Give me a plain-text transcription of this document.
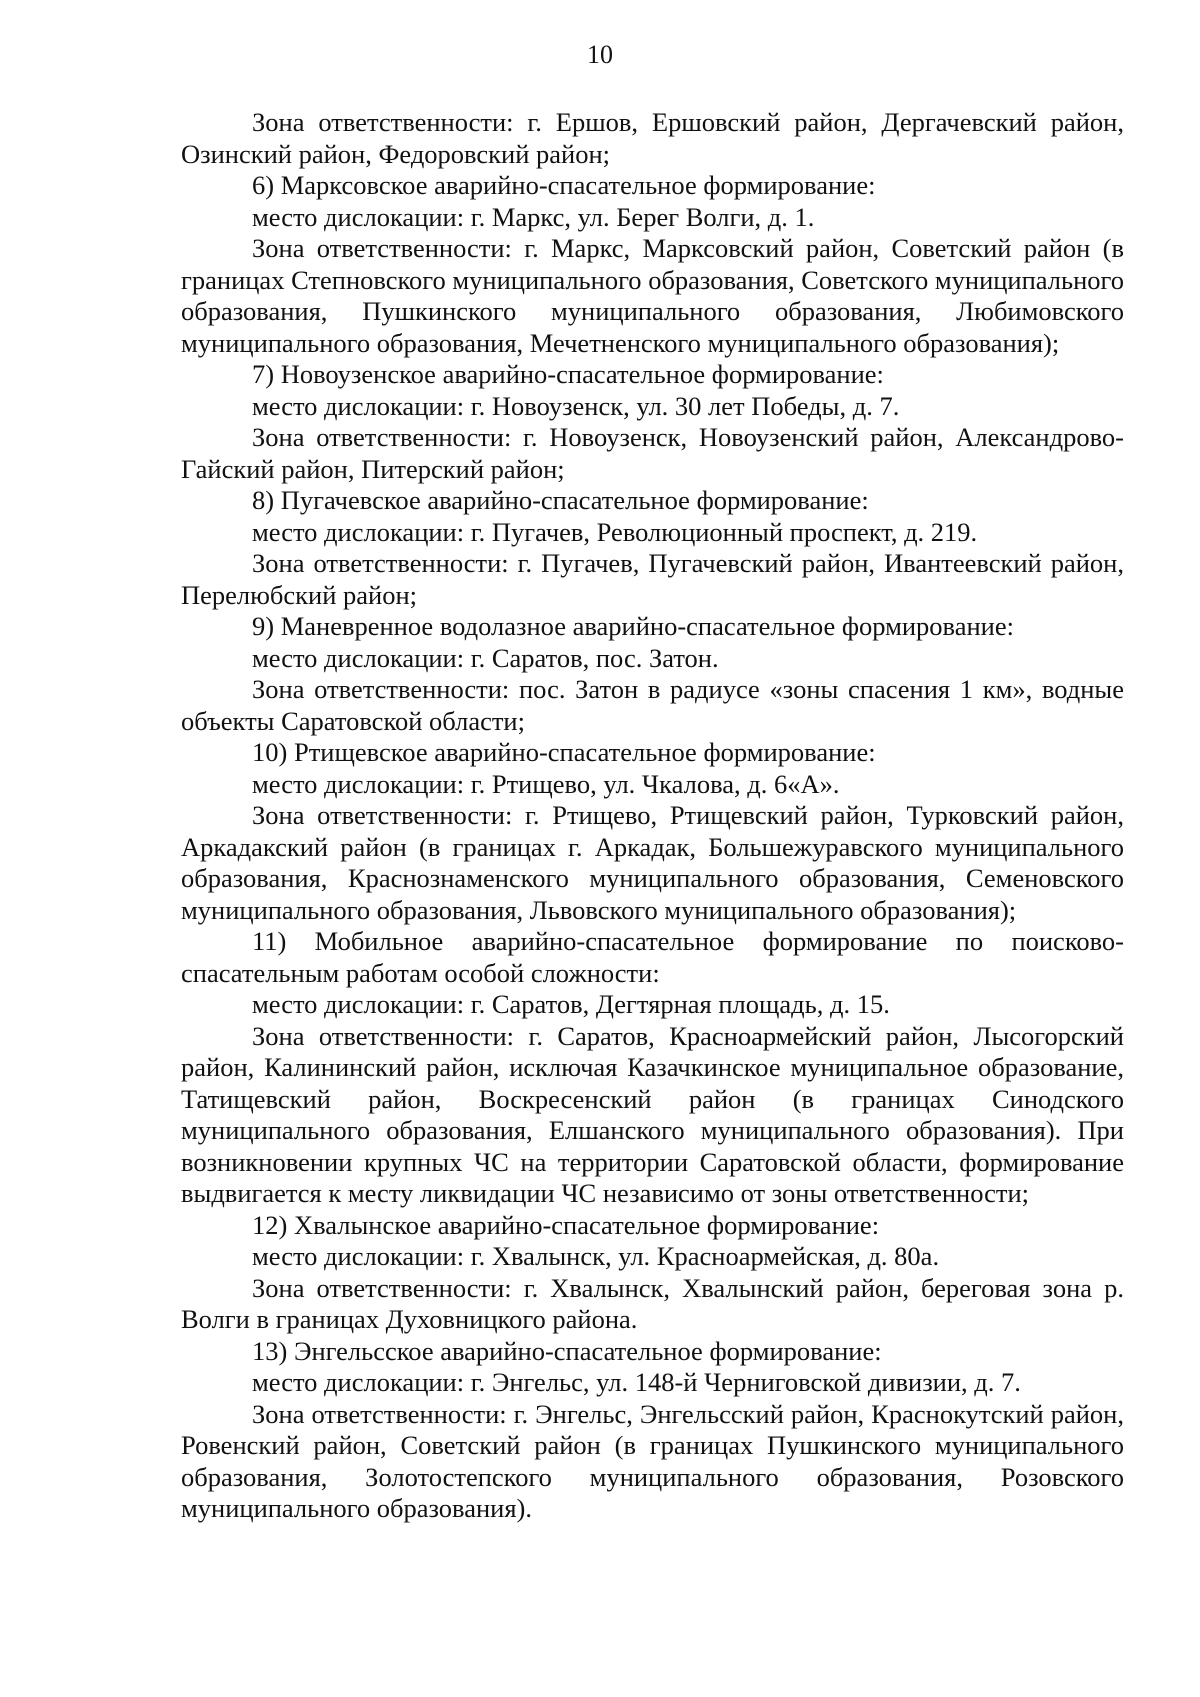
10

Зона ответственности: г. Ершов, Ершовский район, Дергачевский район, Озинский район, Федоровский район;

6) Марксовское аварийно-спасательное формирование:

место дислокации: г. Маркс, ул. Берег Волги, д. 1.

Зона ответственности: г. Маркс, Марксовский район, Советский район (в границах Степновского муниципального образования, Советского муниципального образования, Пушкинского муниципального образования, Любимовского муниципального образования, Мечетненского муниципального образования);

7) Новоузенское аварийно-спасательное формирование:

место дислокации: г. Новоузенск, ул. 30 лет Победы, д. 7.

Зона ответственности: г. Новоузенск, Новоузенский район, Александрово-Гайский район, Питерский район;

8) Пугачевское аварийно-спасательное формирование:

место дислокации: г. Пугачев, Революционный проспект, д. 219.

Зона ответственности: г. Пугачев, Пугачевский район, Ивантеевский район, Перелюбский район;

9) Маневренное водолазное аварийно-спасательное формирование:

место дислокации: г. Саратов, пос. Затон.

Зона ответственности: пос. Затон в радиусе «зоны спасения 1 км», водные объекты Саратовской области;

10) Ртищевское аварийно-спасательное формирование:

место дислокации: г. Ртищево, ул. Чкалова, д. 6«А».

Зона ответственности: г. Ртищево, Ртищевский район, Турковский район, Аркадакский район (в границах г. Аркадак, Большежуравского муниципального образования, Краснознаменского муниципального образования, Семеновского муниципального образования, Львовского муниципального образования);

11) Мобильное аварийно-спасательное формирование по поисково-спасательным работам особой сложности:

место дислокации: г. Саратов, Дегтярная площадь, д. 15.

Зона ответственности: г. Саратов, Красноармейский район, Лысогорский район, Калининский район, исключая Казачкинское муниципальное образование, Татищевский район, Воскресенский район (в границах Синодского муниципального образования, Елшанского муниципального образования). При возникновении крупных ЧС на территории Саратовской области, формирование выдвигается к месту ликвидации ЧС независимо от зоны ответственности;

12) Хвалынское аварийно-спасательное формирование:

место дислокации: г. Хвалынск, ул. Красноармейская, д. 80а.

Зона ответственности: г. Хвалынск, Хвалынский район, береговая зона р. Волги в границах Духовницкого района.

13) Энгельсское аварийно-спасательное формирование:

место дислокации: г. Энгельс, ул. 148-й Черниговской дивизии, д. 7.

Зона ответственности: г. Энгельс, Энгельсский район, Краснокутский район, Ровенский район, Советский район (в границах Пушкинского муниципального образования, Золотостепского муниципального образования, Розовского муниципального образования).
